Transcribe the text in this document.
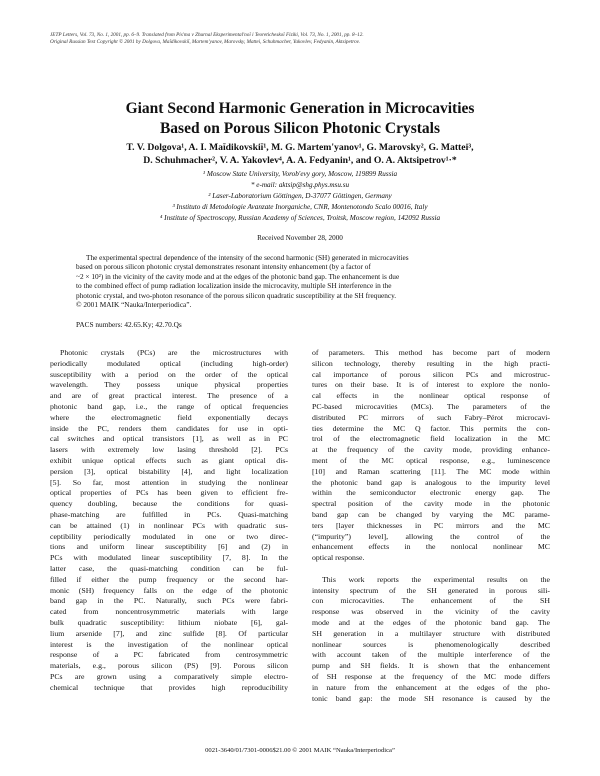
JETP Letters, Vol. 73, No. 1, 2001, pp. 6–9. Translated from Pis'ma v Zhurnal Éksperimental'noĭ i Teoreticheskoĭ Fiziki, Vol. 73, No. 1, 2001, pp. 8–12.
Original Russian Text Copyright © 2001 by Dolgova, Maĭdikovskiĭ, Martem'yanov, Marovsky, Mattei, Schuhmacher, Yakovlev, Fedyanin, Aktsipetrov.
Giant Second Harmonic Generation in Microcavities
Based on Porous Silicon Photonic Crystals
T. V. Dolgova¹, A. I. Maĭdikovskiĭ¹, M. G. Martem'yanov¹, G. Marovsky², G. Mattei³,
D. Schuhmacher², V. A. Yakovlev⁴, A. A. Fedyanin¹, and O. A. Aktsipetrov¹·*
¹ Moscow State University, Vorob'evy gory, Moscow, 119899 Russia
* e-mail: aktsip@shg.phys.msu.su
² Laser-Laboratorium Göttingen, D-37077 Göttingen, Germany
³ Instituto di Metodologie Avanzate Inorganiche, CNR, Montenotondo Scalo 00016, Italy
⁴ Institute of Spectroscopy, Russian Academy of Sciences, Troitsk, Moscow region, 142092 Russia
Received November 28, 2000
The experimental spectral dependence of the intensity of the second harmonic (SH) generated in microcavities
based on porous silicon photonic crystal demonstrates resonant intensity enhancement (by a factor of
~2 × 10²) in the vicinity of the cavity mode and at the edges of the photonic band gap. The enhancement is due
to the combined effect of pump radiation localization inside the microcavity, multiple SH interference in the
photonic crystal, and two-photon resonance of the porous silicon quadratic susceptibility at the SH frequency.
© 2001 MAIK “Nauka/Interperiodica”.
PACS numbers: 42.65.Ky; 42.70.Qs
Photonic crystals (PCs) are the microstructures with
periodically modulated optical (including high-order)
susceptibility with a period on the order of the optical
wavelength. They possess unique physical properties
and are of great practical interest. The presence of a
photonic band gap, i.e., the range of optical frequencies
where the electromagnetic field exponentially decays
inside the PC, renders them candidates for use in opti-
cal switches and optical transistors [1], as well as in PC
lasers with extremely low lasing threshold [2]. PCs
exhibit unique optical effects such as giant optical dis-
persion [3], optical bistability [4], and light localization
[5]. So far, most attention in studying the nonlinear
optical properties of PCs has been given to efficient fre-
quency doubling, because the conditions for quasi-
phase-matching are fulfilled in PCs. Quasi-matching
can be attained (1) in nonlinear PCs with quadratic sus-
ceptibility periodically modulated in one or two direc-
tions and uniform linear susceptibility [6] and (2) in
PCs with modulated linear susceptibility [7, 8]. In the
latter case, the quasi-matching condition can be ful-
filled if either the pump frequency or the second har-
monic (SH) frequency falls on the edge of the photonic
band gap in the PC. Naturally, such PCs were fabri-
cated from noncentrosymmetric materials with large
bulk quadratic susceptibility: lithium niobate [6], gal-
lium arsenide [7], and zinc sulfide [8]. Of particular
interest is the investigation of the nonlinear optical
response of a PC fabricated from centrosymmetric
materials, e.g., porous silicon (PS) [9]. Porous silicon
PCs are grown using a comparatively simple electro-
chemical technique that provides high reproducibility
of parameters. This method has become part of modern
silicon technology, thereby resulting in the high practi-
cal importance of porous silicon PCs and microstruc-
tures on their base. It is of interest to explore the nonlo-
cal effects in the nonlinear optical response of
PC-based microcavities (MCs). The parameters of the
distributed PC mirrors of such Fabry–Pérot microcavi-
ties determine the MC Q factor. This permits the con-
trol of the electromagnetic field localization in the MC
at the frequency of the cavity mode, providing enhance-
ment of the MC optical response, e.g., luminescence
[10] and Raman scattering [11]. The MC mode within
the photonic band gap is analogous to the impurity level
within the semiconductor electronic energy gap. The
spectral position of the cavity mode in the photonic
band gap can be changed by varying the MC parame-
ters [layer thicknesses in PC mirrors and the MC
(“impurity”) level], allowing the control of the
enhancement effects in the nonlocal nonlinear MC
optical response.
This work reports the experimental results on the
intensity spectrum of the SH generated in porous sili-
con microcavities. The enhancement of the SH
response was observed in the vicinity of the cavity
mode and at the edges of the photonic band gap. The
SH generation in a multilayer structure with distributed
nonlinear sources is phenomenologically described
with account taken of the multiple interference of the
pump and SH fields. It is shown that the enhancement
of SH response at the frequency of the MC mode differs
in nature from the enhancement at the edges of the pho-
tonic band gap: the mode SH resonance is caused by the
0021-3640/01/7301-0006$21.00 © 2001 MAIK “Nauka/Interperiodica”
